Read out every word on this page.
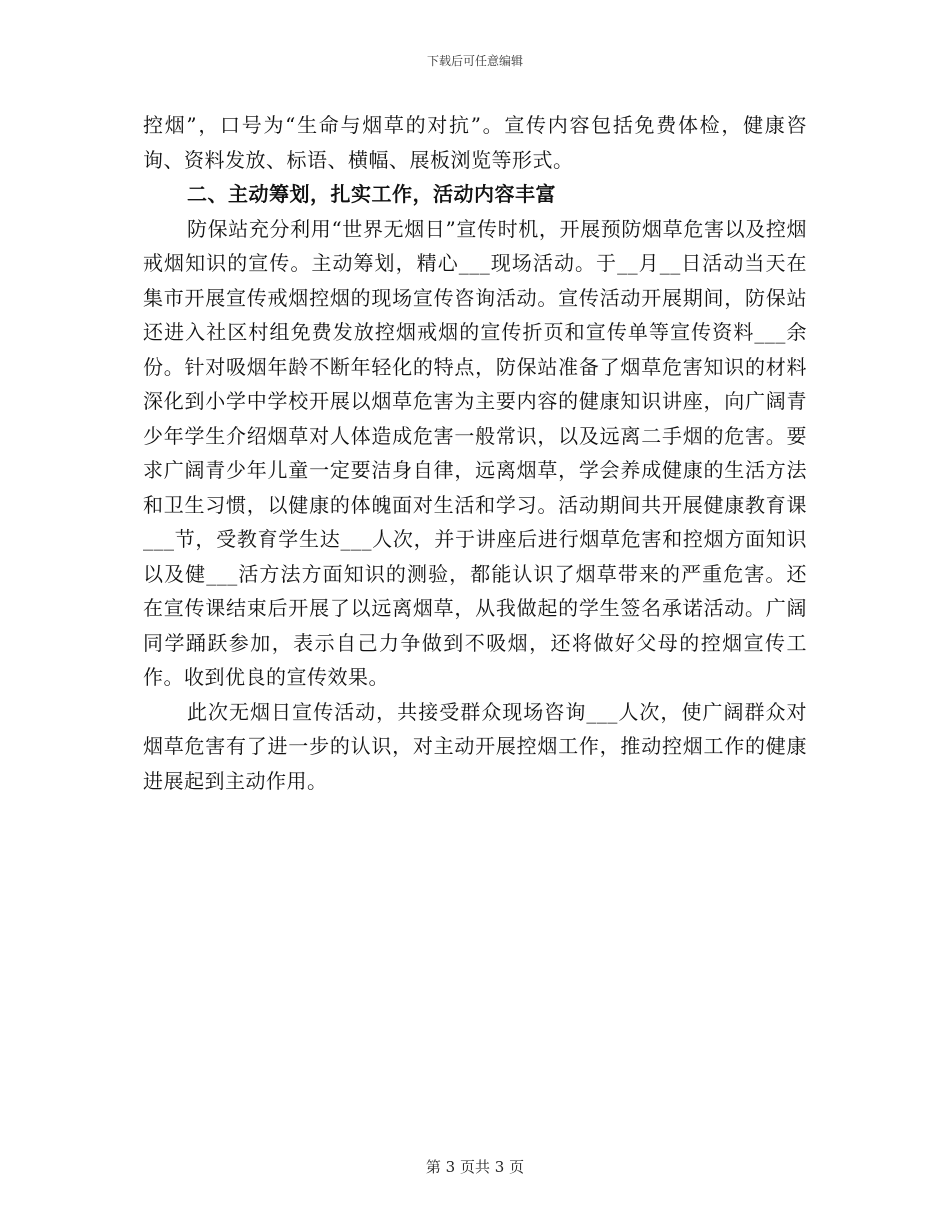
下载后可任意编辑

控烟”，口号为“生命与烟草的对抗”。宣传内容包括免费体检，健康咨询、资料发放、标语、横幅、展板浏览等形式。

二、主动筹划，扎实工作，活动内容丰富

防保站充分利用“世界无烟日”宣传时机，开展预防烟草危害以及控烟戒烟知识的宣传。主动筹划，精心___现场活动。于__月__日活动当天在集市开展宣传戒烟控烟的现场宣传咨询活动。宣传活动开展期间，防保站还进入社区村组免费发放控烟戒烟的宣传折页和宣传单等宣传资料___余份。针对吸烟年龄不断年轻化的特点，防保站准备了烟草危害知识的材料深化到小学中学校开展以烟草危害为主要内容的健康知识讲座，向广阔青少年学生介绍烟草对人体造成危害一般常识，以及远离二手烟的危害。要求广阔青少年儿童一定要洁身自律，远离烟草，学会养成健康的生活方法和卫生习惯，以健康的体魄面对生活和学习。活动期间共开展健康教育课___节，受教育学生达___人次，并于讲座后进行烟草危害和控烟方面知识以及健___活方法方面知识的测验，都能认识了烟草带来的严重危害。还在宣传课结束后开展了以远离烟草，从我做起的学生签名承诺活动。广阔同学踊跃参加，表示自己力争做到不吸烟，还将做好父母的控烟宣传工作。收到优良的宣传效果。

此次无烟日宣传活动，共接受群众现场咨询___人次，使广阔群众对烟草危害有了进一步的认识，对主动开展控烟工作，推动控烟工作的健康进展起到主动作用。

第 3 页共 3 页
